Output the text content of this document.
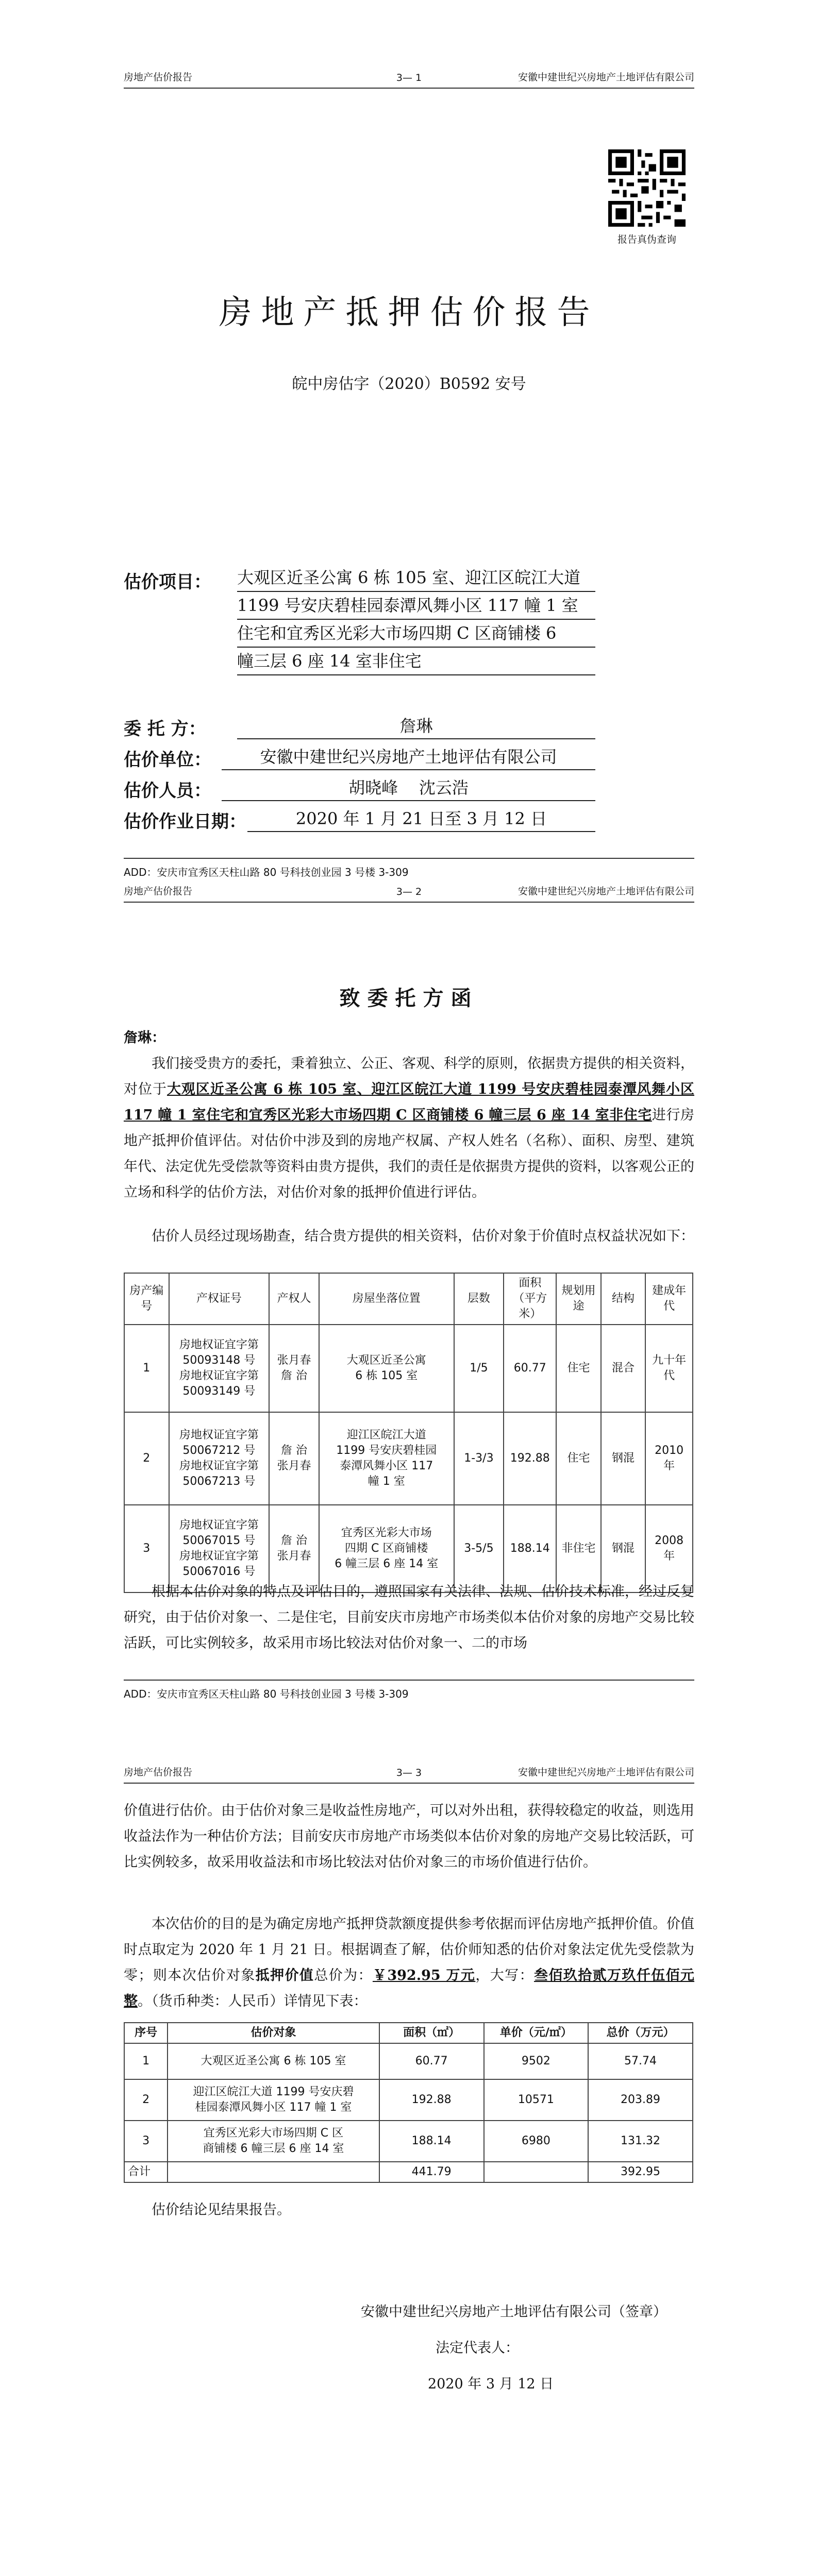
房地产估价报告	3— 1	安徽中建世纪兴房地产土地评估有限公司
报告真伪查询
房地产抵押估价报告
皖中房估字（2020）B0592 安号
估价项目： 大观区近圣公寓 6 栋 105 室、迎江区皖江大道
1199 号安庆碧桂园泰潭风舞小区 117 幢 1 室
住宅和宜秀区光彩大市场四期 C 区商铺楼 6
幢三层 6 座 14 室非住宅
委 托 方：	詹琳
估价单位：	安徽中建世纪兴房地产土地评估有限公司
估价人员：	胡晓峰    沈云浩
估价作业日期：	2020 年 1 月 21 日至 3 月 12 日
ADD：安庆市宜秀区天柱山路 80 号科技创业园 3 号楼 3-309
房地产估价报告	3— 2	安徽中建世纪兴房地产土地评估有限公司
致委托方函
詹琳：
我们接受贵方的委托，秉着独立、公正、客观、科学的原则，依据贵方提供的相关资料，对位于大观区近圣公寓 6 栋 105 室、迎江区皖江大道 1199 号安庆碧桂园泰潭风舞小区 117 幢 1 室住宅和宜秀区光彩大市场四期 C 区商铺楼 6 幢三层 6 座 14 室非住宅进行房地产抵押价值评估。对估价中涉及到的房地产权属、产权人姓名（名称）、面积、房型、建筑年代、法定优先受偿款等资料由贵方提供，我们的责任是依据贵方提供的资料，以客观公正的立场和科学的估价方法，对估价对象的抵押价值进行评估。
估价人员经过现场勘查，结合贵方提供的相关资料，估价对象于价值时点权益状况如下：
房产编号	产权证号	产权人	房屋坐落位置	层数	面积（平方米）	规划用途	结构	建成年代
1	房地权证宜字第 50093148 号
房地权证宜字第 50093149 号	张月春
詹 治	大观区近圣公寓
6 栋 105 室	1/5	60.77	住宅	混合	九十年代
2	房地权证宜字第 50067212 号
房地权证宜字第 50067213 号	詹 治
张月春	迎江区皖江大道
1199 号安庆碧桂园
泰潭风舞小区 117
幢 1 室	1-3/3	192.88	住宅	钢混	2010 年
3	房地权证宜字第 50067015 号
房地权证宜字第 50067016 号	詹 治
张月春	宜秀区光彩大市场
四期 C 区商铺楼
6 幢三层 6 座 14 室	3-5/5	188.14	非住宅	钢混	2008 年
根据本估价对象的特点及评估目的，遵照国家有关法律、法规、估价技术标准，经过反复研究，由于估价对象一、二是住宅，目前安庆市房地产市场类似本估价对象的房地产交易比较活跃，可比实例较多，故采用市场比较法对估价对象一、二的市场
ADD：安庆市宜秀区天柱山路 80 号科技创业园 3 号楼 3-309
房地产估价报告	3— 3	安徽中建世纪兴房地产土地评估有限公司
价值进行估价。由于估价对象三是收益性房地产，可以对外出租，获得较稳定的收益，则选用收益法作为一种估价方法；目前安庆市房地产市场类似本估价对象的房地产交易比较活跃，可比实例较多，故采用收益法和市场比较法对估价对象三的市场价值进行估价。
本次估价的目的是为确定房地产抵押贷款额度提供参考依据而评估房地产抵押价值。价值时点取定为 2020 年 1 月 21 日。根据调查了解，估价师知悉的估价对象法定优先受偿款为零；则本次估价对象抵押价值总价为：￥392.95 万元，大写：叁佰玖拾贰万玖仟伍佰元整。（货币种类：人民币）详情见下表：
序号	估价对象	面积（㎡）	单价（元/㎡）	总价（万元）
1	大观区近圣公寓 6 栋 105 室	60.77	9502	57.74
2	迎江区皖江大道 1199 号安庆碧
桂园泰潭风舞小区 117 幢 1 室	192.88	10571	203.89
3	宜秀区光彩大市场四期 C 区
商铺楼 6 幢三层 6 座 14 室	188.14	6980	131.32
合计		441.79		392.95
估价结论见结果报告。
安徽中建世纪兴房地产土地评估有限公司（签章）
法定代表人：
2020 年 3 月 12 日
